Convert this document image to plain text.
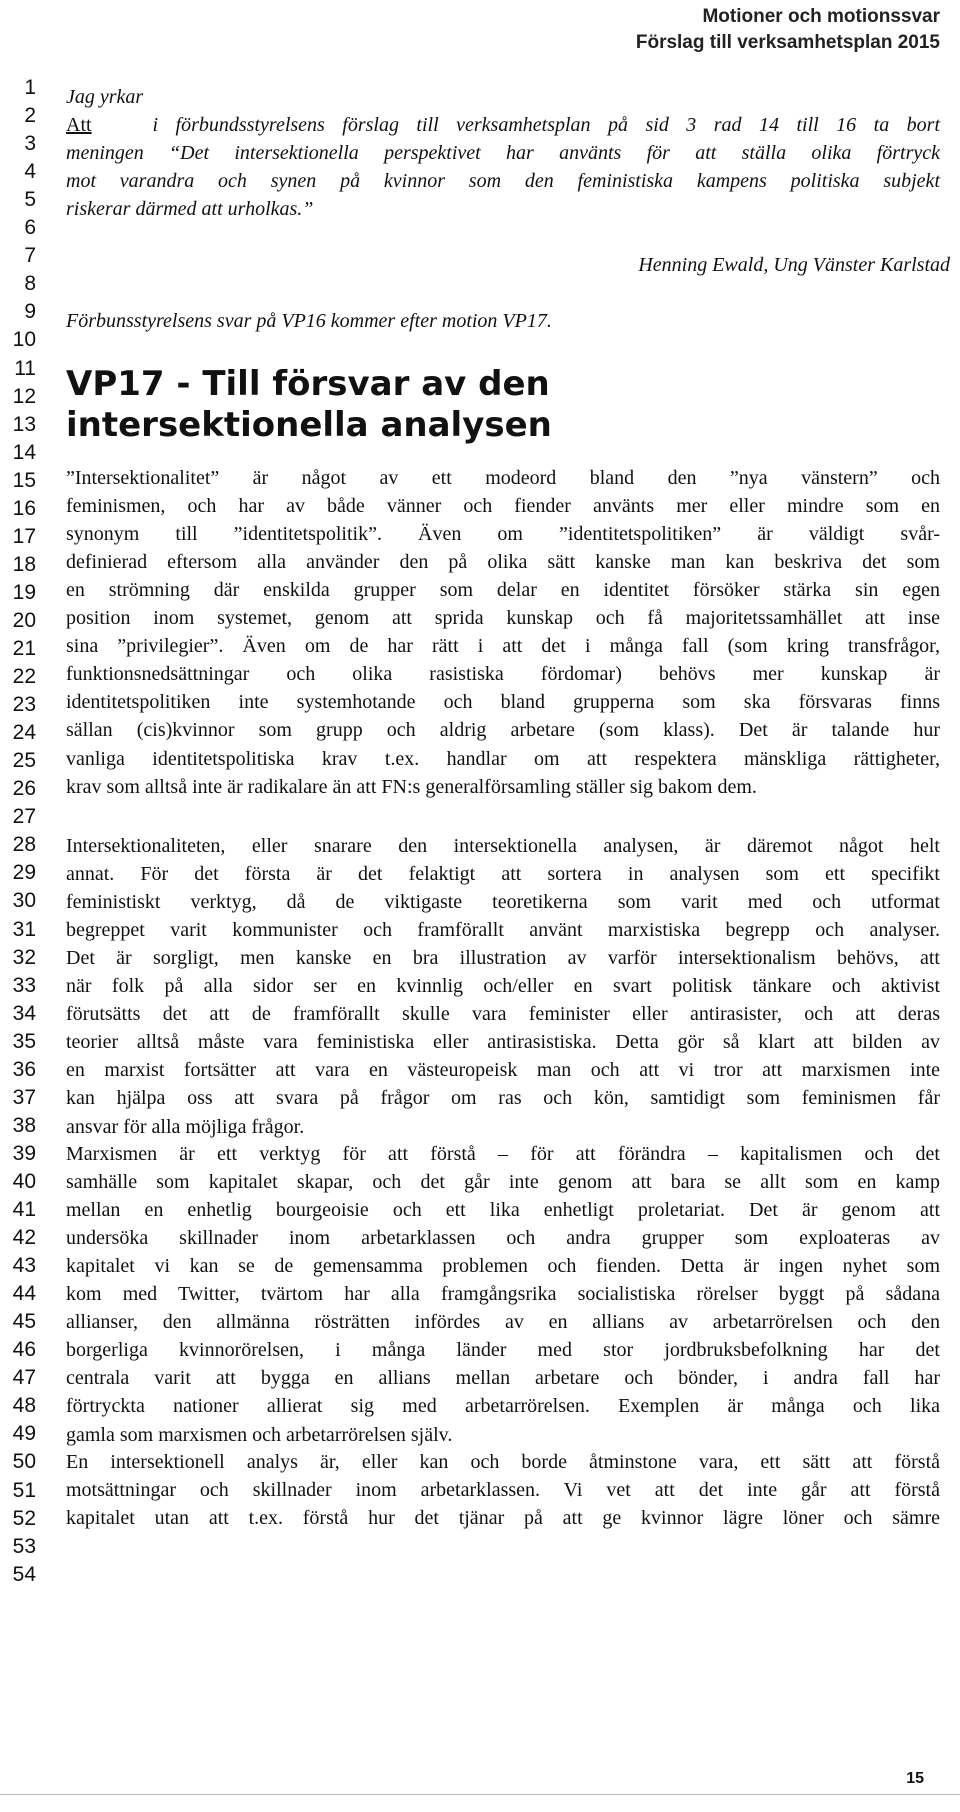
Motioner och motionssvar
Förslag till verksamhetsplan 2015
1
2
3
4
5
6
7
8
9
10
11
12
13
14
15
16
17
18
19
20
21
22
23
24
25
26
27
28
29
30
31
32
33
34
35
36
37
38
39
40
41
42
43
44
45
46
47
48
49
50
51
52
53
54
Jag yrkar
Att	i förbundsstyrelsens förslag till verksamhetsplan på sid 3 rad 14 till 16 ta bort
meningen “Det intersektionella perspektivet har använts för att ställa olika förtryck
mot varandra och synen på kvinnor som den feministiska kampens politiska subjekt
riskerar därmed att urholkas.”
Henning Ewald, Ung Vänster Karlstad
Förbunsstyrelsens svar på VP16 kommer efter motion VP17.
VP17 - Till försvar av den
intersektionella analysen
”Intersektionalitet” är något av ett modeord bland den ”nya vänstern” och
feminismen, och har av både vänner och fiender använts mer eller mindre som en
synonym till ”identitetspolitik”. Även om ”identitetspolitiken” är väldigt svår-
definierad eftersom alla använder den på olika sätt kanske man kan beskriva det som
en strömning där enskilda grupper som delar en identitet försöker stärka sin egen
position inom systemet, genom att sprida kunskap och få majoritetssamhället att inse
sina ”privilegier”. Även om de har rätt i att det i många fall (som kring transfrågor,
funktionsnedsättningar och olika rasistiska fördomar) behövs mer kunskap är
identitetspolitiken inte systemhotande och bland grupperna som ska försvaras finns
sällan (cis)kvinnor som grupp och aldrig arbetare (som klass). Det är talande hur
vanliga identitetspolitiska krav t.ex. handlar om att respektera mänskliga rättigheter,
krav som alltså inte är radikalare än att FN:s generalförsamling ställer sig bakom dem.
Intersektionaliteten, eller snarare den intersektionella analysen, är däremot något helt
annat. För det första är det felaktigt att sortera in analysen som ett specifikt
feministiskt verktyg, då de viktigaste teoretikerna som varit med och utformat
begreppet varit kommunister och framförallt använt marxistiska begrepp och analyser.
Det är sorgligt, men kanske en bra illustration av varför intersektionalism behövs, att
när folk på alla sidor ser en kvinnlig och/eller en svart politisk tänkare och aktivist
förutsätts det att de framförallt skulle vara feminister eller antirasister, och att deras
teorier alltså måste vara feministiska eller antirasistiska. Detta gör så klart att bilden av
en marxist fortsätter att vara en västeuropeisk man och att vi tror att marxismen inte
kan hjälpa oss att svara på frågor om ras och kön, samtidigt som feminismen får
ansvar för alla möjliga frågor.
Marxismen är ett verktyg för att förstå – för att förändra – kapitalismen och det
samhälle som kapitalet skapar, och det går inte genom att bara se allt som en kamp
mellan en enhetlig bourgeoisie och ett lika enhetligt proletariat. Det är genom att
undersöka skillnader inom arbetarklassen och andra grupper som exploateras av
kapitalet vi kan se de gemensamma problemen och fienden. Detta är ingen nyhet som
kom med Twitter, tvärtom har alla framgångsrika socialistiska rörelser byggt på sådana
allianser, den allmänna rösträtten infördes av en allians av arbetarrörelsen och den
borgerliga kvinnorörelsen, i många länder med stor jordbruksbefolkning har det
centrala varit att bygga en allians mellan arbetare och bönder, i andra fall har
förtryckta nationer allierat sig med arbetarrörelsen. Exemplen är många och lika
gamla som marxismen och arbetarrörelsen själv.
En intersektionell analys är, eller kan och borde åtminstone vara, ett sätt att förstå
motsättningar och skillnader inom arbetarklassen. Vi vet att det inte går att förstå
kapitalet utan att t.ex. förstå hur det tjänar på att ge kvinnor lägre löner och sämre
15
